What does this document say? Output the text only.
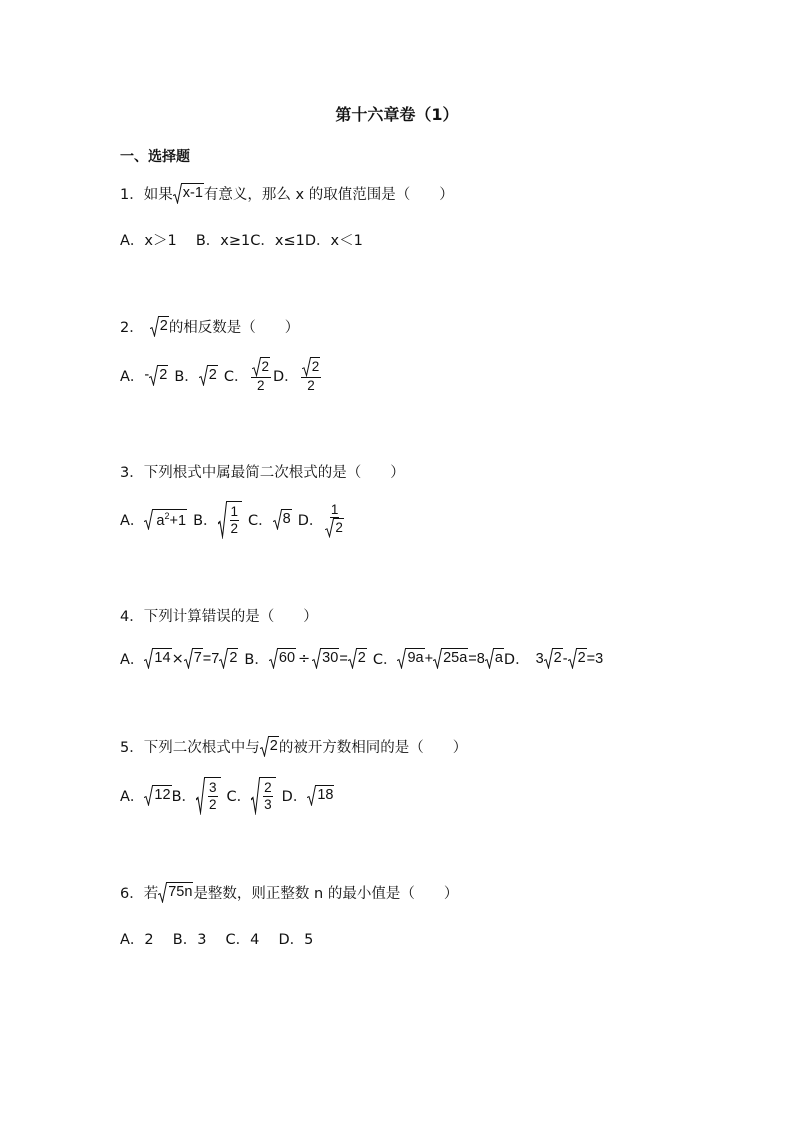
第十六章卷（1）
一、选择题
1． 如果 x-1 有意义，那么 x 的取值范围是（　　）
A．x＞1　 B．x≥1C．x≤1D．x＜1
2． 2 的相反数是（　　）
A． - 2 B． 2 C． $\frac{2}{2}$ D． $\frac{2}{2}$
3． 下列根式中属最简二次根式的是（　　）
A． $a^2+1$ B． $\frac{1}{2}$ C． 8 D． $\frac{1}{2}$
4． 下列计算错误的是（　　）
A． 14 × 7 =7 2 B． 60 ÷ 30 = 2 C． 9a + 25a =8 a D． 3 2 - 2 =3
5． 下列二次根式中与 2 的被开方数相同的是（　　）
A． 12 B． $\frac{3}{2}$ C． $\frac{2}{3}$ D． 18
6． 若 75n 是整数，则正整数 n 的最小值是（　　）
A．2　 B．3　 C．4　 D．5
